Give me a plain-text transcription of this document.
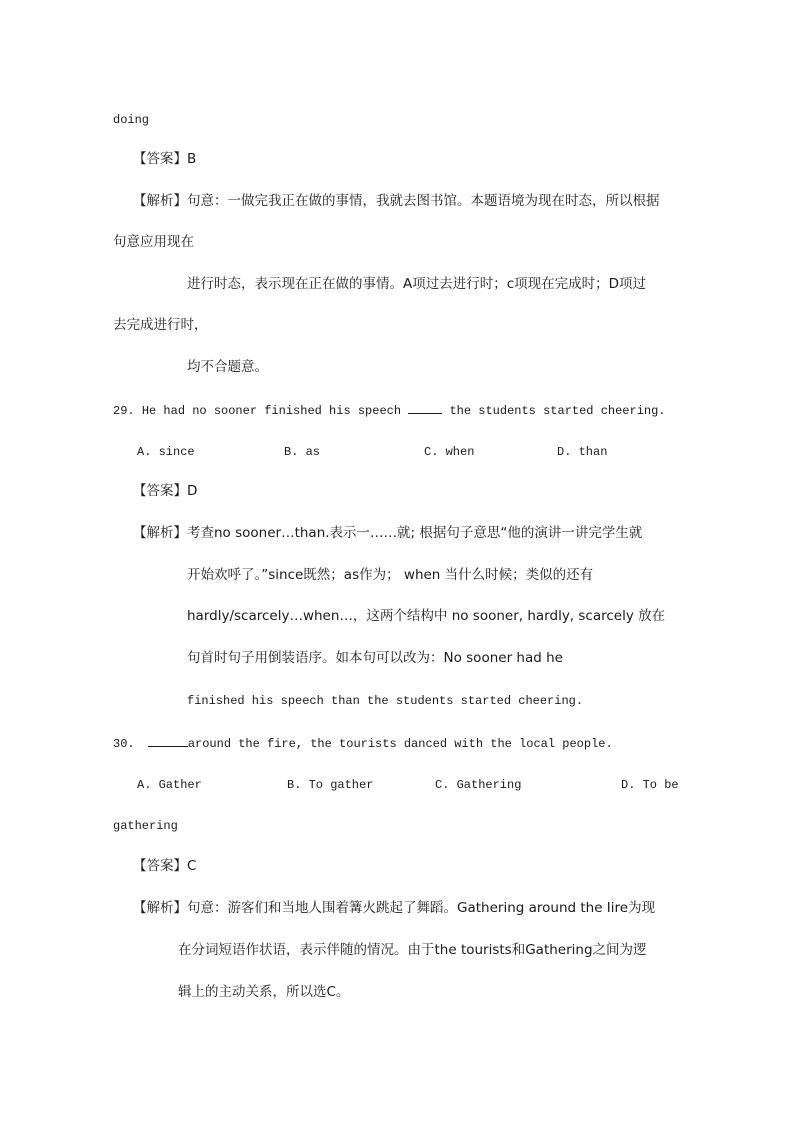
doing
【答案】B
【解析】句意：一做完我正在做的事情，我就去图书馆。本题语境为现在时态，所以根据
句意应用现在
进行时态，表示现在正在做的事情。A项过去进行时；c项现在完成时；D项过
去完成进行时，
均不合题意。
29. He had no sooner finished his speech	the students started cheering.
A. since	B. as	C. when	D. than
【答案】D
【解析】考查no sooner…than.表示一……就; 根据句子意思“他的演讲一讲完学生就
开始欢呼了。”since既然；as作为； when 当什么时候；类似的还有
hardly/scarcely…when…，这两个结构中 no sooner, hardly, scarcely 放在
句首时句子用倒装语序。如本句可以改为：No sooner had he
finished his speech than the students started cheering.
30.	around the fire, the tourists danced with the local people.
A. Gather	B. To gather	C. Gathering	D. To be
gathering
【答案】C
【解析】句意：游客们和当地人围着篝火跳起了舞蹈。Gathering around the Iire为现
在分词短语作状语，表示伴随的情况。由于the tourists和Gathering之间为逻
辑上的主动关系，所以选C。
